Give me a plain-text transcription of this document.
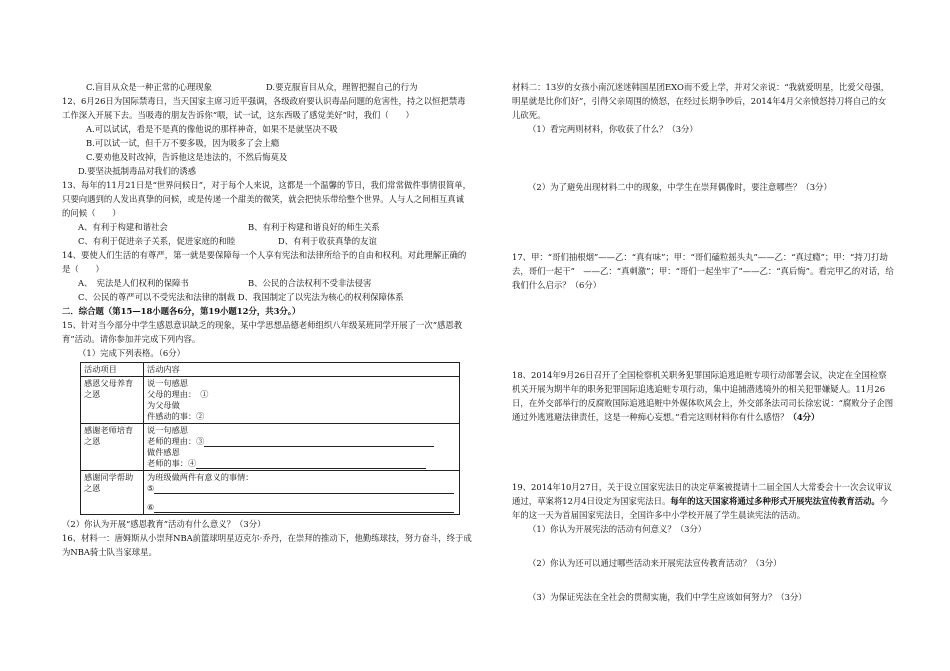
C.盲目从众是一种正常的心理现象	D.要克服盲目从众，理智把握自己的行为

12、6月26日为国际禁毒日，当天国家主席习近平强调，各级政府要认识毒品问题的危害性，持之以恒把禁毒工作深入开展下去。当吸毒的朋友告诉你“喂，试一试，这东西吸了感觉美好”时，我们（　　）

A.可以试试，看是不是真的像他说的那样神奇，如果不是就坚决不吸

B.可以试一试，但千万不要多吸，因为吸多了会上瘾

C.要劝他及时改掉，告诉他这是违法的，不然后悔莫及

D.要坚决抵制毒品对我们的诱惑

13、每年的11月21日是“世界问候日”，对于每个人来说，这都是一个温馨的节日，我们常常做件事情很简单，只要向遇到的人发出真挚的问候，或是传递一个甜美的微笑，就会把快乐带给整个世界。人与人之间相互真诚的问候（　　）

A、有利于构建和谐社会	B、有利于构建和谐良好的师生关系
C、有利于促进亲子关系，促进家庭的和睦	D、有利于收获真挚的友谊

14、要使人们生活的有尊严，第一就是要保障每一个人享有宪法和法律所给予的自由和权利。对此理解正确的是（　　）

A、　宪法是人们权利的保障书	B、公民的合法权利不受非法侵害

C、公民的尊严可以不受宪法和法律的制裁 D、我国制定了以宪法为核心的权利保障体系

二．综合题（第15—18小题各6分，第19小题12分，共3分。）

15、针对当今部分中学生感恩意识缺乏的现象，某中学思想品德老师组织八年级某班同学开展了一次“感恩教育”活动。请你参加并完成下列内容。

（1）完成下列表格。（6分）

活动项目	活动内容
感恩父母养育之恩	说一句感恩
父母的理由：　①
为父母做
件感动的事：②

感谢老师培育之恩	说一句感恩
老师的理由：③
做件感恩
老师的事：④

感谢同学帮助之恩	为班级做两件有意义的事情：
⑤
⑥

（2）你认为开展“感恩教育”活动有什么意义？（3分）

16、材料一：唐姆斯从小崇拜NBA前篮球明星迈克尔·乔丹，在崇拜的推动下，他勤练球技，努力奋斗，终于成为NBA骑士队当家球星。

材料二：13岁的女孩小南沉迷迷韩国星团EXO而不爱上学，并对父亲说：“我就爱明星，比爱父母强，明星就是比你们好”，引得父亲周围的愤怒，在经过长期争吵后，2014年4月父亲愤怒持刀将自己的女儿砍死。

（1）看完两则材料，你收获了什么？（3分）

（2）为了避免出现材料二中的现象，中学生在崇拜偶像时，要注意哪些？（3分）

17、甲：“哥们抽根烟”——乙：“真有味”；甲：“哥们磕粒摇头丸”——乙：“真过瘾”；甲：“持刀打劫去，哥们一起干”　——乙：“真刺激”；甲：“哥们一起坐牢了”——乙：“真后悔”。看完甲乙的对话，给我们什么启示？（6分）

18、2014年9月26日召开了全国检察机关职务犯罪国际追逃追赃专项行动部署会议，决定在全国检察机关开展为期半年的职务犯罪国际追逃追赃专项行动，集中追捕潜逃境外的相关犯罪嫌疑人。11月26日，在外交部举行的反腐败国际追逃追赃中外媒体吹风会上，外交部条法司司长徐宏说：“腐败分子企图通过外逃逃避法律责任，这是一种痴心妄想。”看完这则材料你有什么感悟？（4分）

19、2014年10月27日，关于设立国家宪法日的决定草案被提请十二届全国人大常委会十一次会议审议通过，草案将12月4日设定为国家宪法日。每年的这天国家将通过多种形式开展宪法宣传教育活动。今年的这一天为首届国家宪法日，全国许多中小学校开展了学生晨读宪法的活动。

（1）你认为开展宪法的活动有何意义？（3分）

（2）你认为还可以通过哪些活动来开展宪法宣传教育活动？（3分）

（3）为保证宪法在全社会的贯彻实施，我们中学生应该如何努力？（3分）
